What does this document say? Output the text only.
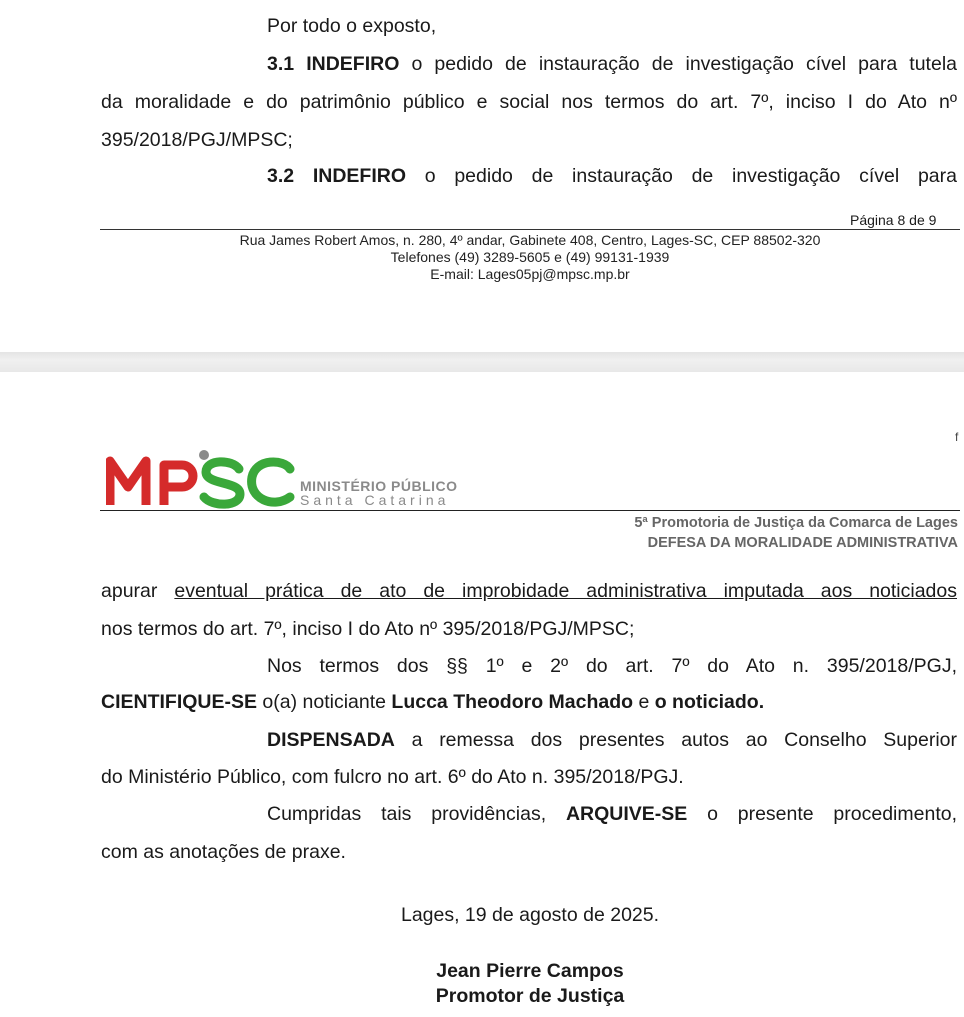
Por todo o exposto,
3.1 INDEFIRO o pedido de instauração de investigação cível para tutela
da moralidade e do patrimônio público e social nos termos do art. 7º, inciso I do Ato nº
395/2018/PGJ/MPSC;
3.2 INDEFIRO o pedido de instauração de investigação cível para
Página 8 de 9
Rua James Robert Amos, n. 280, 4º andar, Gabinete 408, Centro, Lages-SC, CEP 88502-320
Telefones (49) 3289-5605 e (49) 99131-1939
E-mail: Lages05pj@mpsc.mp.br
f
MINISTÉRIO PÚBLICO
Santa Catarina
5ª Promotoria de Justiça da Comarca de Lages
DEFESA DA MORALIDADE ADMINISTRATIVA
apurar eventual prática de ato de improbidade administrativa imputada aos noticiados
nos termos do art. 7º, inciso I do Ato nº 395/2018/PGJ/MPSC;
Nos termos dos §§ 1º e 2º do art. 7º do Ato n. 395/2018/PGJ,
CIENTIFIQUE-SE o(a) noticiante Lucca Theodoro Machado e o noticiado.
DISPENSADA a remessa dos presentes autos ao Conselho Superior
do Ministério Público, com fulcro no art. 6º do Ato n. 395/2018/PGJ.
Cumpridas tais providências, ARQUIVE-SE o presente procedimento,
com as anotações de praxe.
Lages, 19 de agosto de 2025.
Jean Pierre Campos
Promotor de Justiça
